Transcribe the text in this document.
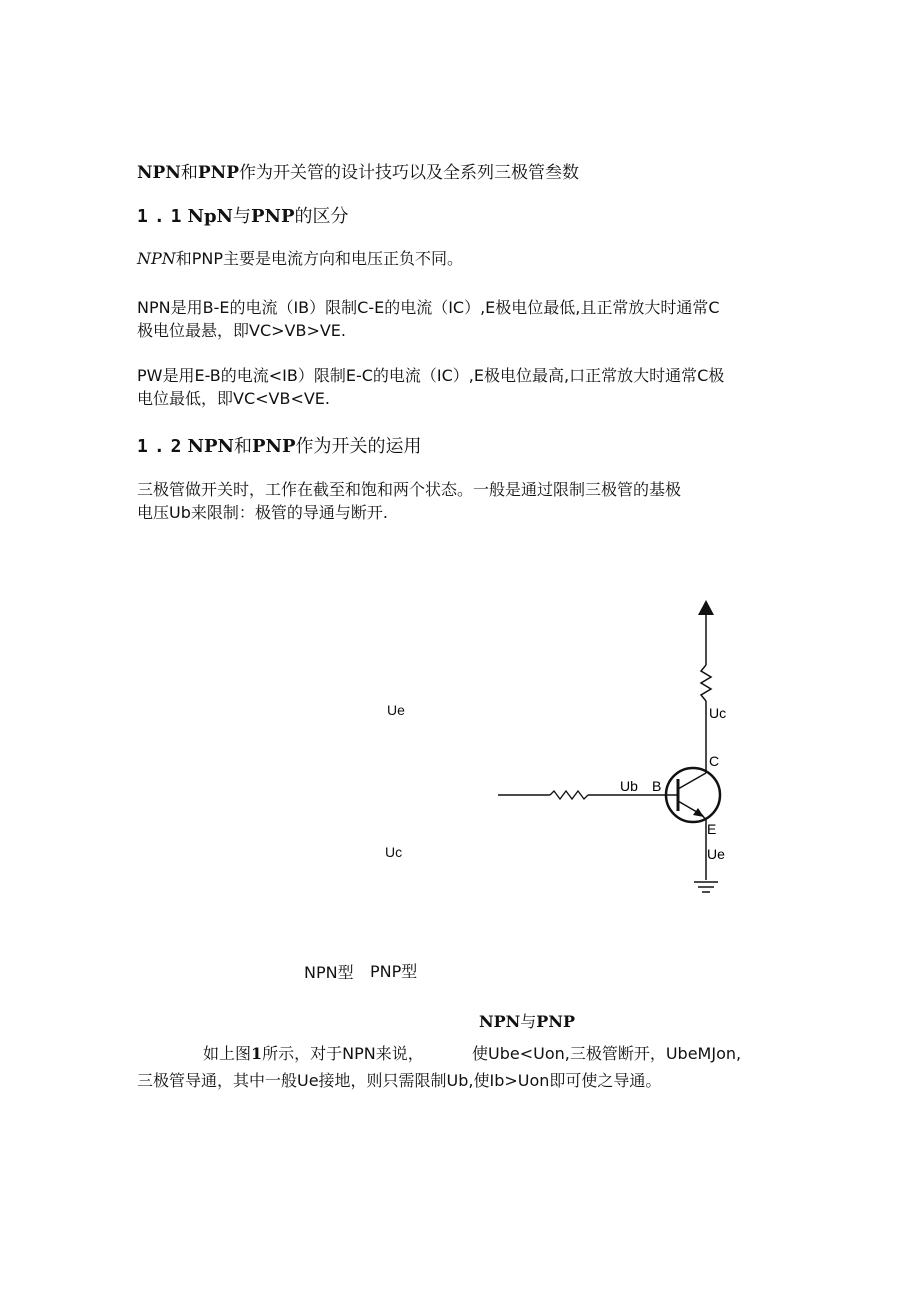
NPN和PNP作为开关管的设计技巧以及全系列三极管叁数

1.1NpN与PNP的区分

NPN和PNP主要是电流方向和电压正负不同。

NPN是用B-E的电流（IB）限制C-E的电流（IC）,E极电位最低,且正常放大时通常C

极电位最悬，即VC>VB>VE.

PW是用E-B的电流<IB）限制E-C的电流（IC）,E极电位最高,口正常放大时通常C极

电位最低，即VC<VB<VE.

1.2NPN和PNP作为开关的运用

三极管做开关时，工作在截至和饱和两个状态。一般是通过限制三极管的基极

电压Ub来限制：极管的导通与断开.

Ue
Uc
Uc
C
Ub B
E
Ue
NPN型 PNP型

NPN与PNP

如上图1所示，对于NPN来说，	使Ube<Uon,三极管断开，UbeMJon,

三极管导通，其中一般Ue接地，则只需限制Ub,使Ib>Uon即可使之导通。
